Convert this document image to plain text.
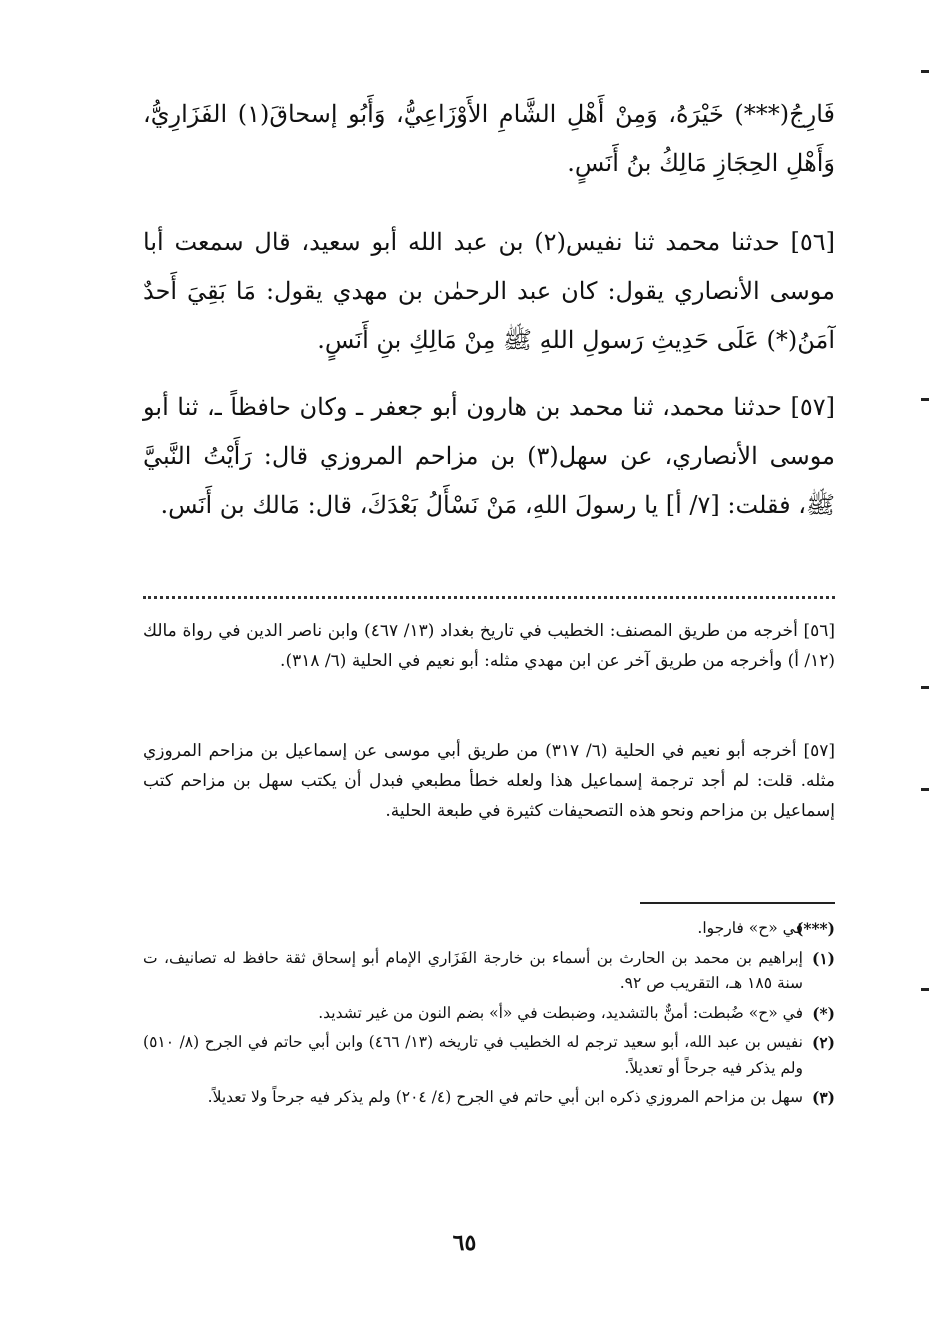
فَارِجُ(***) خَيْرَهُ، وَمِنْ أَهْلِ الشَّامِ الأَوْزَاعِيُّ، وَأَبُو إسحاقَ(١) الفَزَارِيُّ، وَأَهْلِ الحِجَازِ مَالِكُ بنُ أَنَسٍ.

[٥٦] حدثنا محمد ثنا نفيس(٢) بن عبد الله أبو سعيد، قال سمعت أبا موسى الأنصاري يقول: كان عبد الرحمٰن بن مهدي يقول: مَا بَقِيَ أَحدٌ آمَنُ(*) عَلَى حَدِيثِ رَسولِ اللهِ ﷺ مِنْ مَالِكِ بنِ أَنَسٍ.

[٥٧] حدثنا محمد، ثنا محمد بن هارون أبو جعفر ـ وكان حافظاً ـ، ثنا أبو موسى الأنصاري، عن سهل(٣) بن مزاحم المروزي قال: رَأَيْتُ النَّبيَّ ﷺ، فقلت: [٧/ أ] يا رسولَ اللهِ، مَنْ نَسْأَلُ بَعْدَكَ، قال: مَالك بن أَنَس.

[٥٦] أخرجه من طريق المصنف: الخطيب في تاريخ بغداد (١٣/ ٤٦٧) وابن ناصر الدين في رواة مالك (١٢/ أ) وأخرجه من طريق آخر عن ابن مهدي مثله: أبو نعيم في الحلية (٦/ ٣١٨).

[٥٧] أخرجه أبو نعيم في الحلية (٦/ ٣١٧) من طريق أبي موسى عن إسماعيل بن مزاحم المروزي مثله. قلت: لم أجد ترجمة إسماعيل هذا ولعله خطأ مطبعي فبدل أن يكتب سهل بن مزاحم كتب إسماعيل بن مزاحم ونحو هذه التصحيفات كثيرة في طبعة الحلية.

(***)
في «ح» فارجوا.
(١)
إبراهيم بن محمد بن الحارث بن أسماء بن خارجة الفَزَاري الإمام أبو إسحاق ثقة حافظ له تصانيف، ت سنة ١٨٥ هـ، التقريب ص ٩٢.
(*)
في «ح» ضُبطت: أمنٌّ بالتشديد، وضبطت في «أ» بضم النون من غير تشديد.
(٢)
نفيس بن عبد الله، أبو سعيد ترجم له الخطيب في تاريخه (١٣/ ٤٦٦) وابن أبي حاتم في الجرح (٨/ ٥١٠) ولم يذكر فيه جرحاً أو تعديلاً.
(٣)
سهل بن مزاحم المروزي ذكره ابن أبي حاتم في الجرح (٤/ ٢٠٤) ولم يذكر فيه جرحاً ولا تعديلاً.
٦٥
